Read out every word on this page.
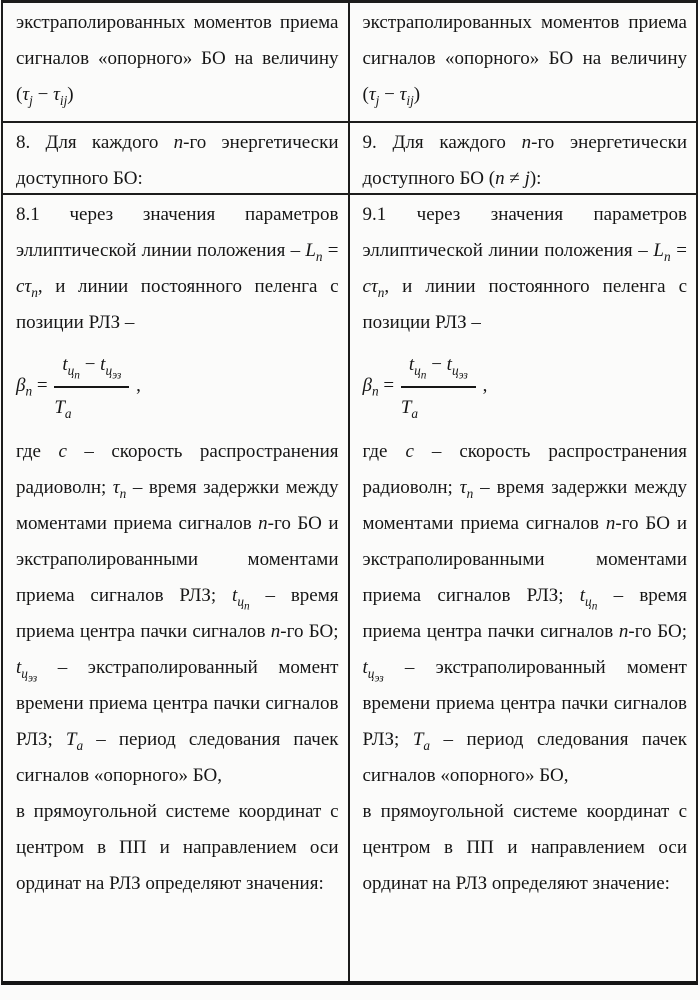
экстраполированных моментов приема сигналов «опорного» БО на величину $(\tau_j - \tau_{ij})$

8. Для каждого n-го энергетически доступного БО:

8.1 через значения параметров эллиптической линии положения – $L_n = c\tau_n$, и линии постоянного пеленга с позиции РЛЗ –

$\beta_n = \frac{t_{ц_n} - t_{ц_{эз}}}{T_a}$ ,

где c – скорость распространения радиоволн; $\tau_n$ – время задержки между моментами приема сигналов n-го БО и экстраполированными моментами приема сигналов РЛЗ; $t_{ц_n}$ – время приема центра пачки сигналов n-го БО; $t_{ц_{эз}}$ – экстраполированный момент времени приема центра пачки сигналов РЛЗ; $T_a$ – период следования пачек сигналов «опорного» БО,

в прямоугольной системе координат с центром в ПП и направлением оси ординат на РЛЗ определяют значения:

экстраполированных моментов приема сигналов «опорного» БО на величину $(\tau_j - \tau_{ij})$

9. Для каждого n-го энергетически доступного БО (n ≠ j):

9.1 через значения параметров эллиптической линии положения – $L_n = c\tau_n$, и линии постоянного пеленга с позиции РЛЗ –

$\beta_n = \frac{t_{ц_n} - t_{ц_{эз}}}{T_a}$ ,

где c – скорость распространения радиоволн; $\tau_n$ – время задержки между моментами приема сигналов n-го БО и экстраполированными моментами приема сигналов РЛЗ; $t_{ц_n}$ – время приема центра пачки сигналов n-го БО; $t_{ц_{эз}}$ – экстраполированный момент времени приема центра пачки сигналов РЛЗ; $T_a$ – период следования пачек сигналов «опорного» БО,

в прямоугольной системе координат с центром в ПП и направлением оси ординат на РЛЗ определяют значение:
